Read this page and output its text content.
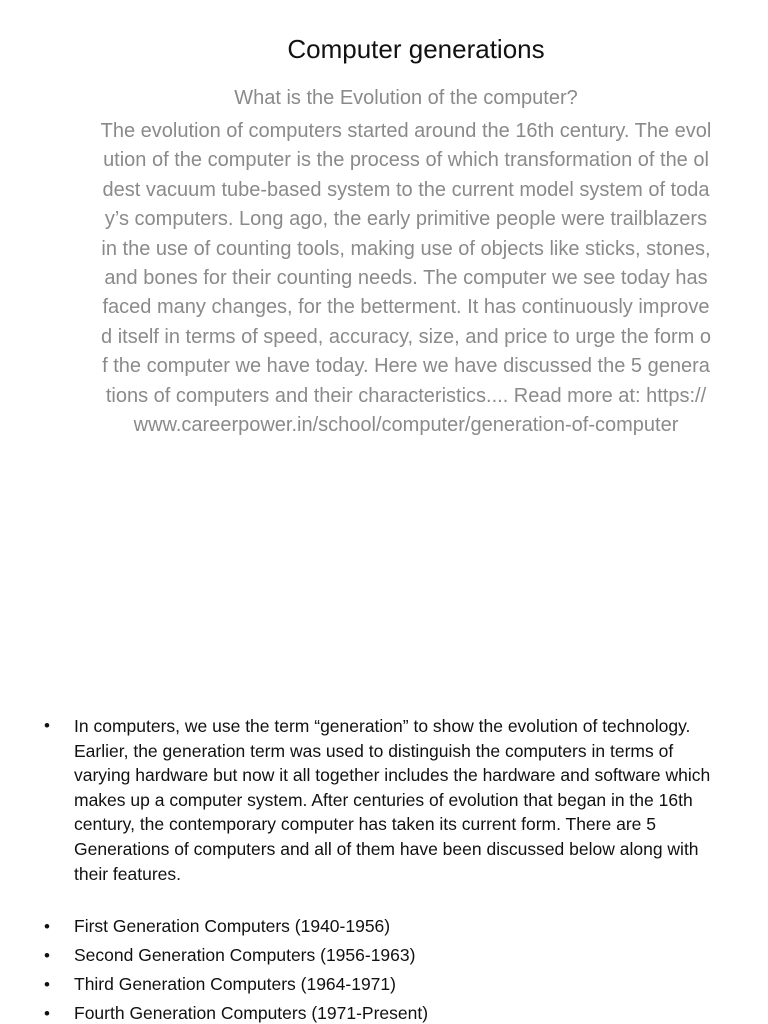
Computer generations

What is the Evolution of the computer?

The evolution of computers started around the 16th century. The evolution of the computer is the process of which transformation of the oldest vacuum tube-based system to the current model system of today’s computers. Long ago, the early primitive people were trailblazers in the use of counting tools, making use of objects like sticks, stones, and bones for their counting needs. The computer we see today has faced many changes, for the betterment. It has continuously improved itself in terms of speed, accuracy, size, and price to urge the form of the computer we have today. Here we have discussed the 5 generations of computers and their characteristics.... Read more at: https://www.careerpower.in/school/computer/generation-of-computer

• In computers, we use the term “generation” to show the evolution of technology. Earlier, the generation term was used to distinguish the computers in terms of varying hardware but now it all together includes the hardware and software which makes up a computer system. After centuries of evolution that began in the 16th century, the contemporary computer has taken its current form. There are 5 Generations of computers and all of them have been discussed below along with their features.
• First Generation Computers (1940-1956)
• Second Generation Computers (1956-1963)
• Third Generation Computers (1964-1971)
• Fourth Generation Computers (1971-Present)
